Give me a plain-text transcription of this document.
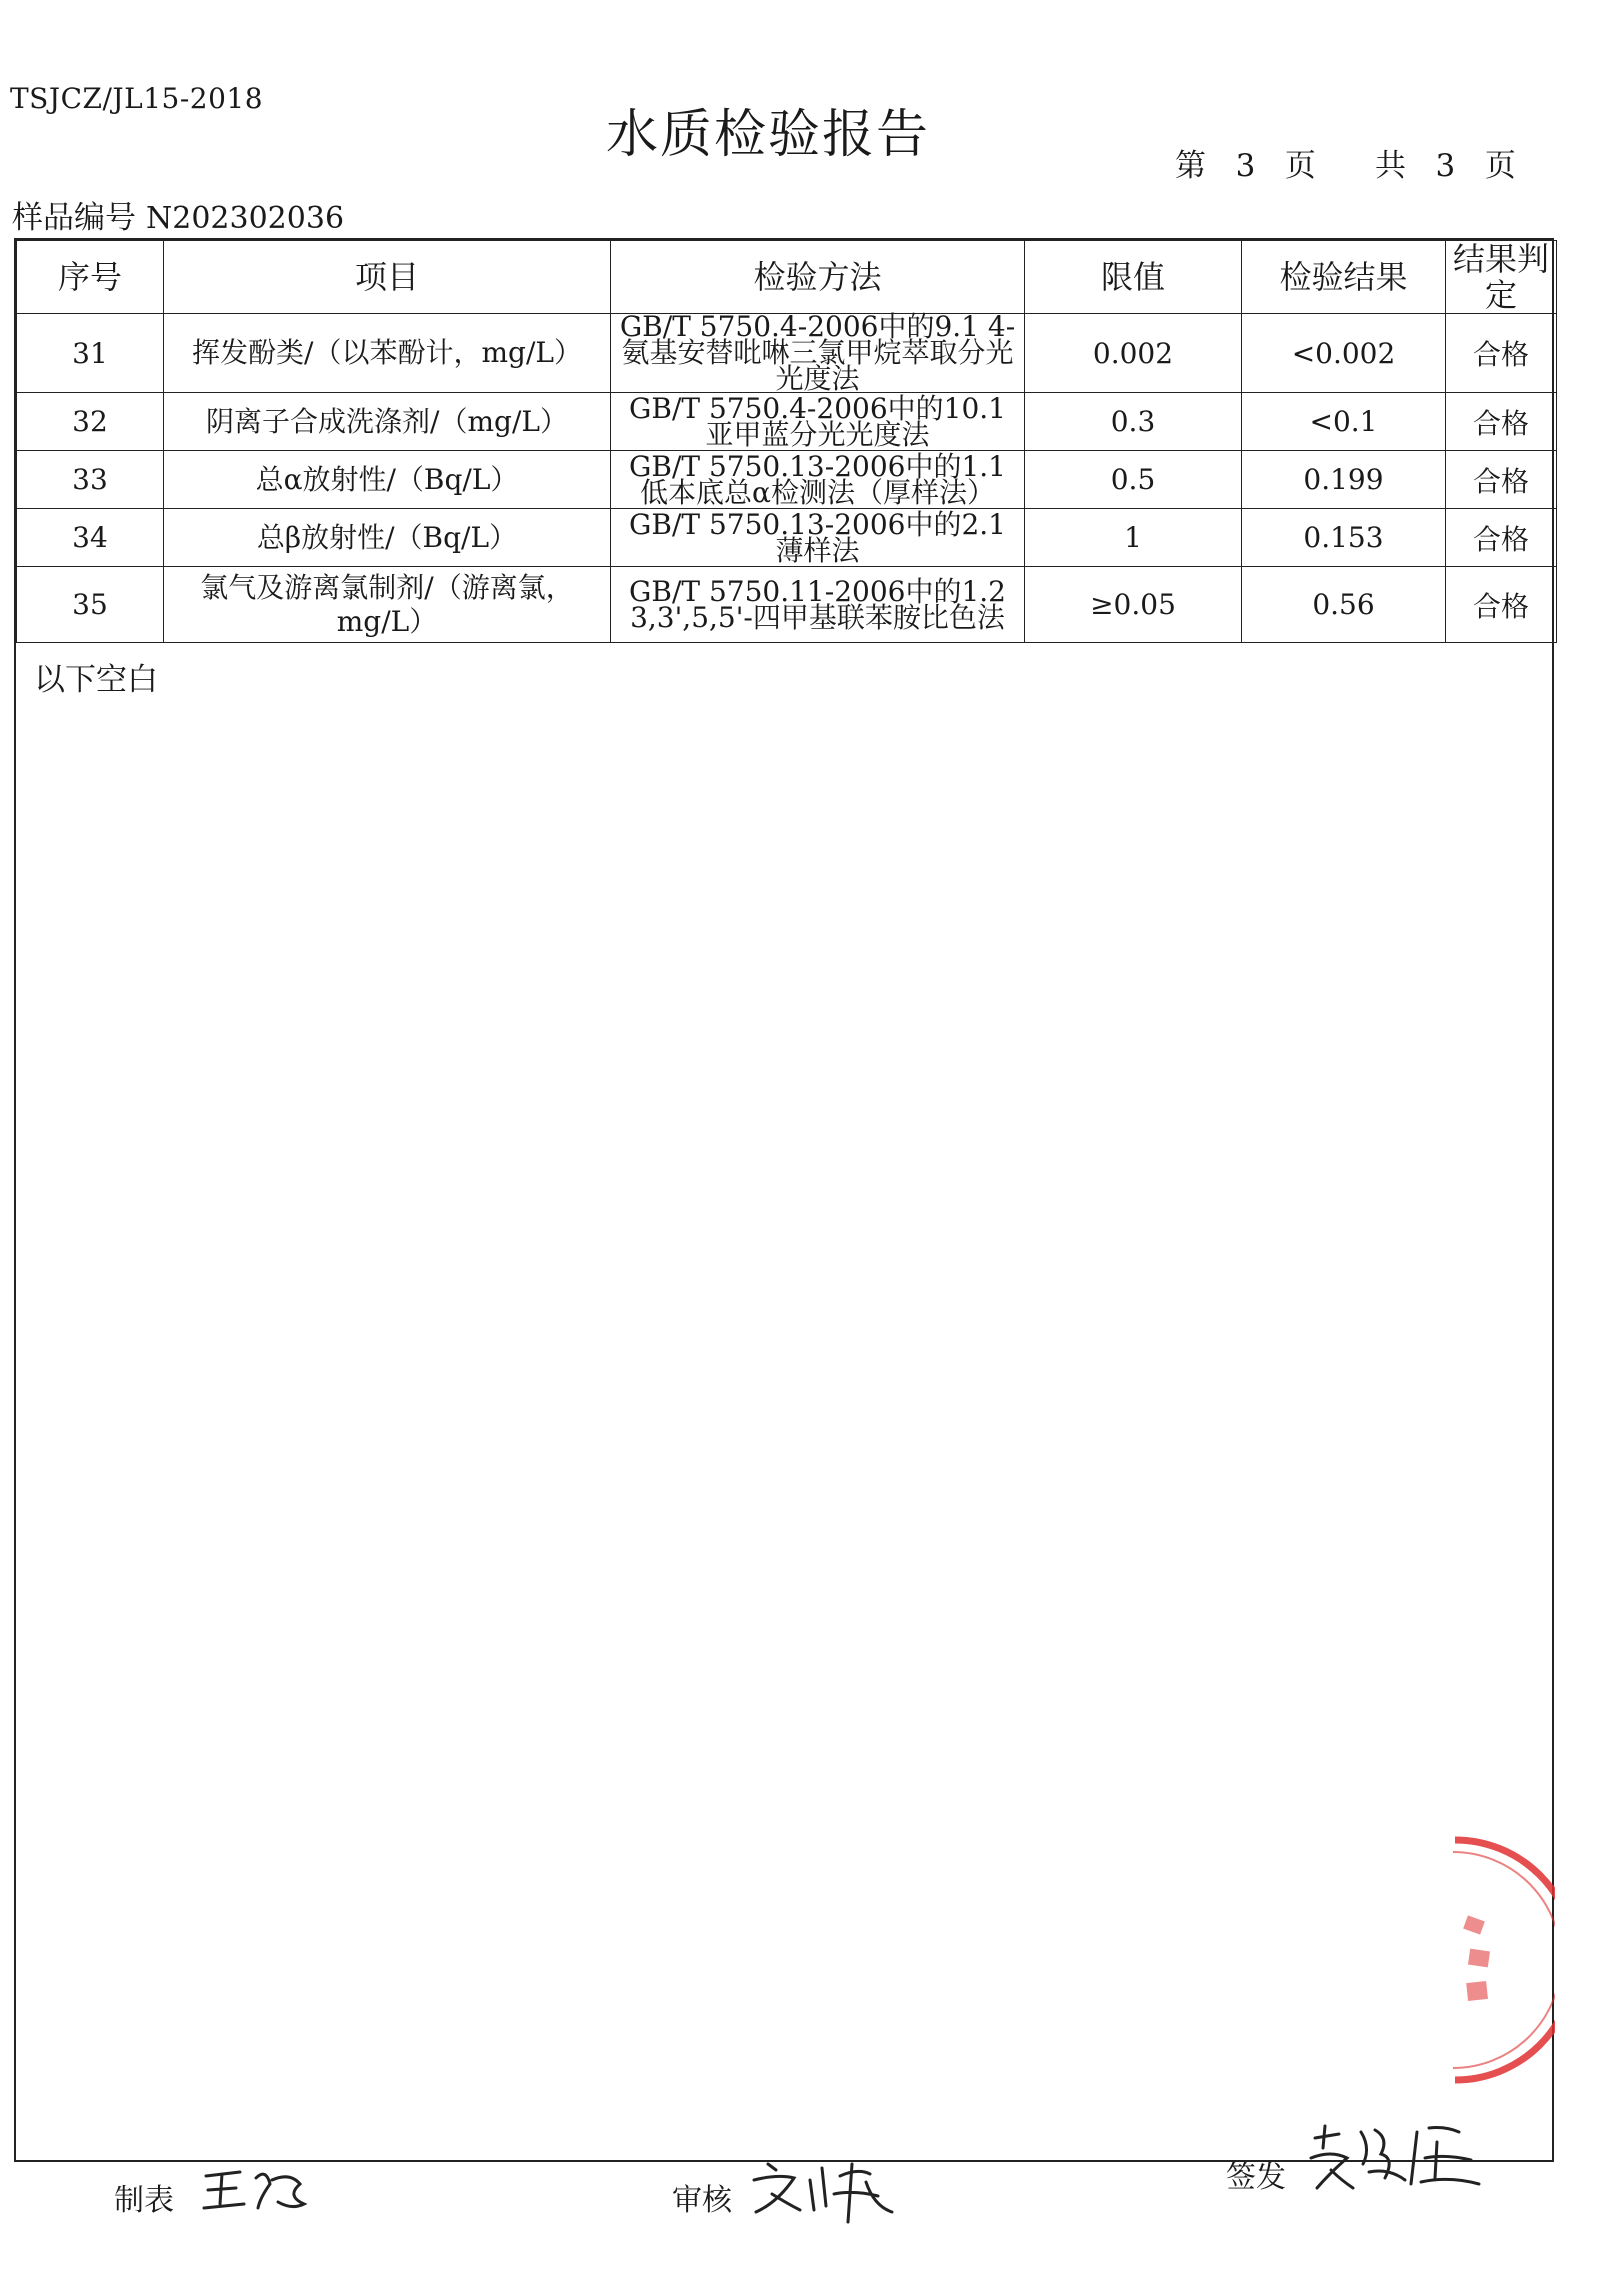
TSJCZ/JL15-2018
水质检验报告
第 3 页 共 3 页
样品编号 N202302036
序号	项目	检验方法	限值	检验结果	结果判定
31	挥发酚类/（以苯酚计，mg/L）	GB/T 5750.4-2006中的9.1 4-氨基安替吡啉三氯甲烷萃取分光光度法	0.002	<0.002	合格
32	阴离子合成洗涤剂/（mg/L）	GB/T 5750.4-2006中的10.1亚甲蓝分光光度法	0.3	<0.1	合格
33	总α放射性/（Bq/L）	GB/T 5750.13-2006中的1.1低本底总α检测法（厚样法）	0.5	0.199	合格
34	总β放射性/（Bq/L）	GB/T 5750.13-2006中的2.1薄样法	1	0.153	合格
35	氯气及游离氯制剂/（游离氯，mg/L）	GB/T 5750.11-2006中的1.2 3,3',5,5'-四甲基联苯胺比色法	≥0.05	0.56	合格
以下空白
制表	审核
签发
